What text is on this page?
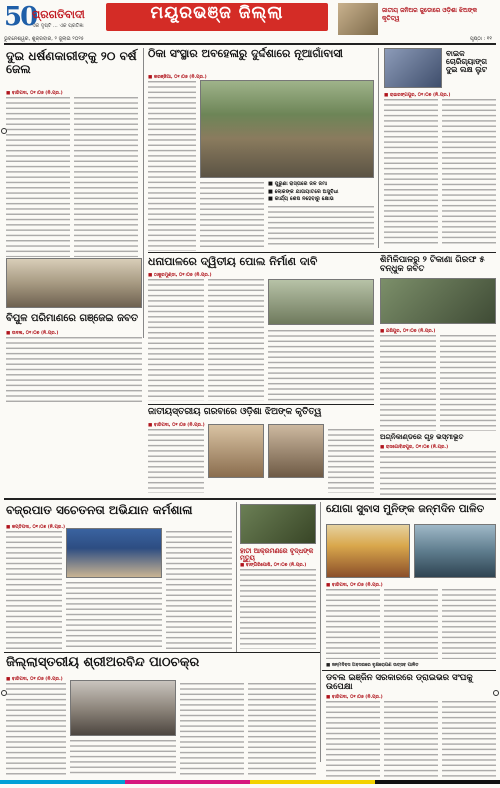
50
ପ୍ରଗତିବାଦୀ
ଏକ ଦୃଷ୍ଟି ... ଏକ ପ୍ରତିଜ୍ଞା
ମୟୂରଭଞ୍ଜ ଜିଲ୍ଲା	ଜାତୀୟ ଜନିଅର ଜୁଡୋରେ ଓଡ଼ିଶା ଝିଅଙ୍କ କୃତିତ୍ୱ
ଭୁବନେଶ୍ୱର, ଶୁକ୍ରବାର, ୨ ଜୁଲାଇ ୨୦୨୫	ପୃଷ୍ଠା : ୧୧
ଦୁଇ ଧର୍ଷଣକାରୀଙ୍କୁ ୨୦ ବର୍ଷ ଜେଲ
■ ବାରିପଦା, ୦୧।୦୭ (ନି.ପ୍ର.)
ଠିକା ସଂସ୍ଥାର ଅବହେଳାରୁ ଦୁର୍ଦ୍ଦଶାରେ ନୂଆଗାଁବାସୀ
■ କରଞ୍ଜିଆ, ୦୧।୦୭ (ନି.ପ୍ର.)
■ ପୁରୁଣା ରାସ୍ତାରେ ଜଳ ଜମା
■ ଲୋକଙ୍କ ଯାତାୟାତରେ ଅସୁବିଧା
■ କାର୍ଯ୍ୟ ଶେଷ ନହେବାରୁ କ୍ଷୋଭ
ବାଇକ ଚୋରିଗ୍ୟାଙ୍ଗ ଦୁଇ ଲକ୍ଷ ଲୁଟ
■ ରାଇରଙ୍ଗପୁର, ୦୧।୦୭ (ନି.ପ୍ର.)
ବିପୁଳ ପରିମାଣରେ ଗଞ୍ଜେଇ ଜବତ
■ ଉଦଳା, ୦୧।୦୭ (ନି.ପ୍ର.)
ଧନାପାଳରେ ଦ୍ୱିତୀୟ ପୋଲ ନିର୍ମାଣ ଦାବି
■ ଠାକୁରମୁଣ୍ଡା, ୦୧।୦୭ (ନି.ପ୍ର.)
ଶିମିଳିପାଳରୁ ୨ ଟିକାଣା ଗିରଫ ୫ ବନ୍ଧୁକ ଜବତ
■ ଯଶିପୁର, ୦୧।୦୭ (ନି.ପ୍ର.)
ଜାତୀୟସ୍ତରୀୟ ଗରବାରେ ଓଡ଼ିଶା ଝିଅଙ୍କ କୃତିତ୍ୱ
■ ବାରିପଦା, ୦୧।୦୭ (ନି.ପ୍ର.)
ଅଗ୍ନିକାଣ୍ଡରେ ଗୃହ ଭସ୍ମୀଭୂତ
■ ରାସଗୋବିନ୍ଦପୁର, ୦୧।୦୭ (ନି.ପ୍ର.)
ବଜ୍ରପାତ ସଚେତନତା ଅଭିଯାନ କର୍ମଶାଳା
■ କପ୍ତିପଦା, ୦୧।୦୭ (ନି.ପ୍ର.)
ହାତୀ ଆକ୍ରମଣରେ ବୃଦ୍ଧଙ୍କ ମୃତ୍ୟୁ
■ ବାଙ୍ଗିରିପୋଷି, ୦୧।୦୭ (ନି.ପ୍ର.)
ଯୋଗା ସୁବାସ ମୁନିଙ୍କ ଜନ୍ମଦିନ ପାଳିତ
■ ବାରିପଦା, ୦୧।୦୭ (ନି.ପ୍ର.)
■ ଜନ୍ମଦିବସ ଅବସରରେ ବୃକ୍ଷରୋପଣ ଉତ୍ସବ ପାଳିତ
ଜିଲ୍ଲାସ୍ତରୀୟ ଶ୍ରୀଅରବିନ୍ଦ ପାଠଚକ୍ର
■ ବାରିପଦା, ୦୧।୦୭ (ନି.ପ୍ର.)	ଡବଲ ଇଞ୍ଜିନ ସରକାରରେ ଡ୍ରାଇଭର ସଂଘକୁ ଉପେକ୍ଷା
■ ବାରିପଦା, ୦୧।୦୭ (ନି.ପ୍ର.)
